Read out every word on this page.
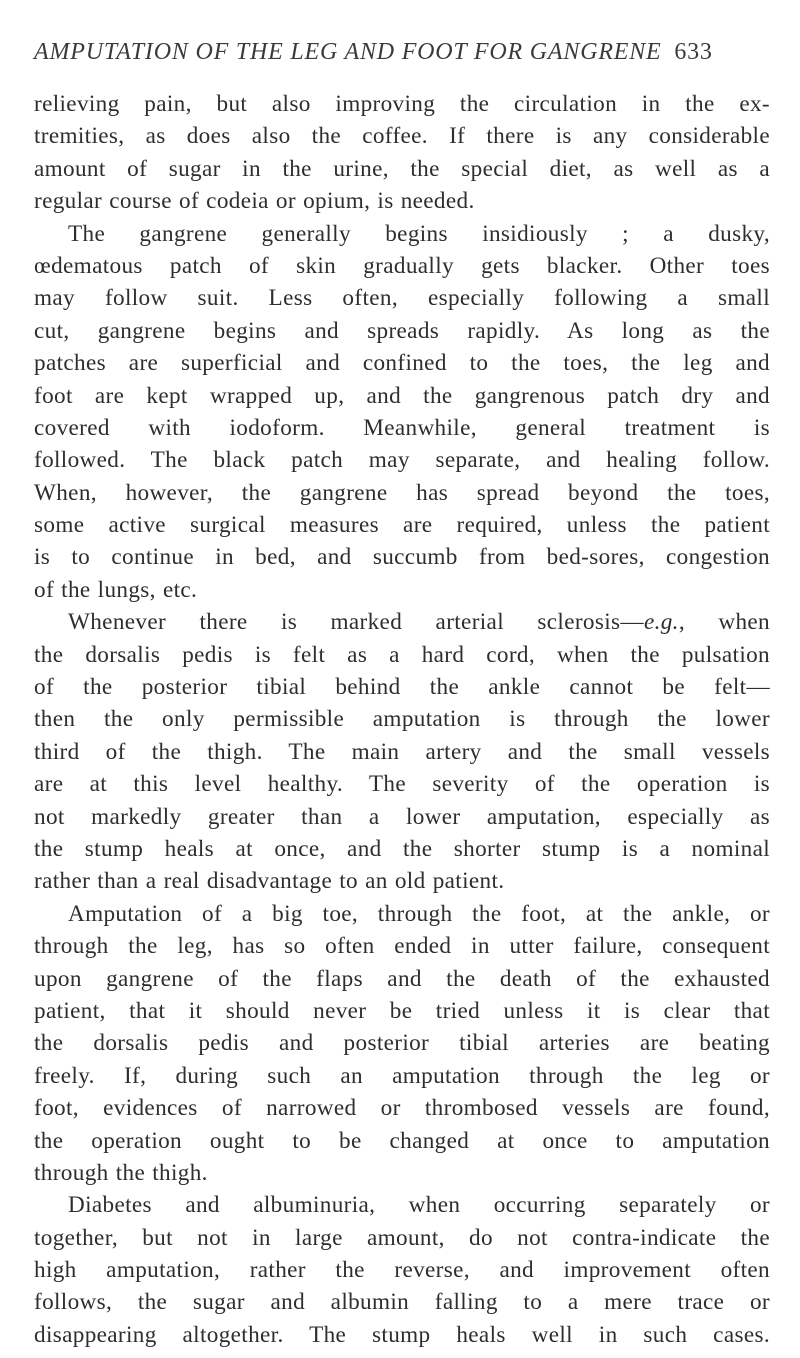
AMPUTATION OF THE LEG AND FOOT FOR GANGRENE 633
relieving pain, but also improving the circulation in the ex-
tremities, as does also the coffee. If there is any considerable
amount of sugar in the urine, the special diet, as well as a
regular course of codeia or opium, is needed.
The gangrene generally begins insidiously ; a dusky,
œdematous patch of skin gradually gets blacker. Other toes
may follow suit. Less often, especially following a small
cut, gangrene begins and spreads rapidly. As long as the
patches are superficial and confined to the toes, the leg and
foot are kept wrapped up, and the gangrenous patch dry and
covered with iodoform. Meanwhile, general treatment is
followed. The black patch may separate, and healing follow.
When, however, the gangrene has spread beyond the toes,
some active surgical measures are required, unless the patient
is to continue in bed, and succumb from bed-sores, congestion
of the lungs, etc.
Whenever there is marked arterial sclerosis—e.g., when
the dorsalis pedis is felt as a hard cord, when the pulsation
of the posterior tibial behind the ankle cannot be felt—
then the only permissible amputation is through the lower
third of the thigh. The main artery and the small vessels
are at this level healthy. The severity of the operation is
not markedly greater than a lower amputation, especially as
the stump heals at once, and the shorter stump is a nominal
rather than a real disadvantage to an old patient.
Amputation of a big toe, through the foot, at the ankle, or
through the leg, has so often ended in utter failure, consequent
upon gangrene of the flaps and the death of the exhausted
patient, that it should never be tried unless it is clear that
the dorsalis pedis and posterior tibial arteries are beating
freely. If, during such an amputation through the leg or
foot, evidences of narrowed or thrombosed vessels are found,
the operation ought to be changed at once to amputation
through the thigh.
Diabetes and albuminuria, when occurring separately or
together, but not in large amount, do not contra-indicate the
high amputation, rather the reverse, and improvement often
follows, the sugar and albumin falling to a mere trace or
disappearing altogether. The stump heals well in such cases.
